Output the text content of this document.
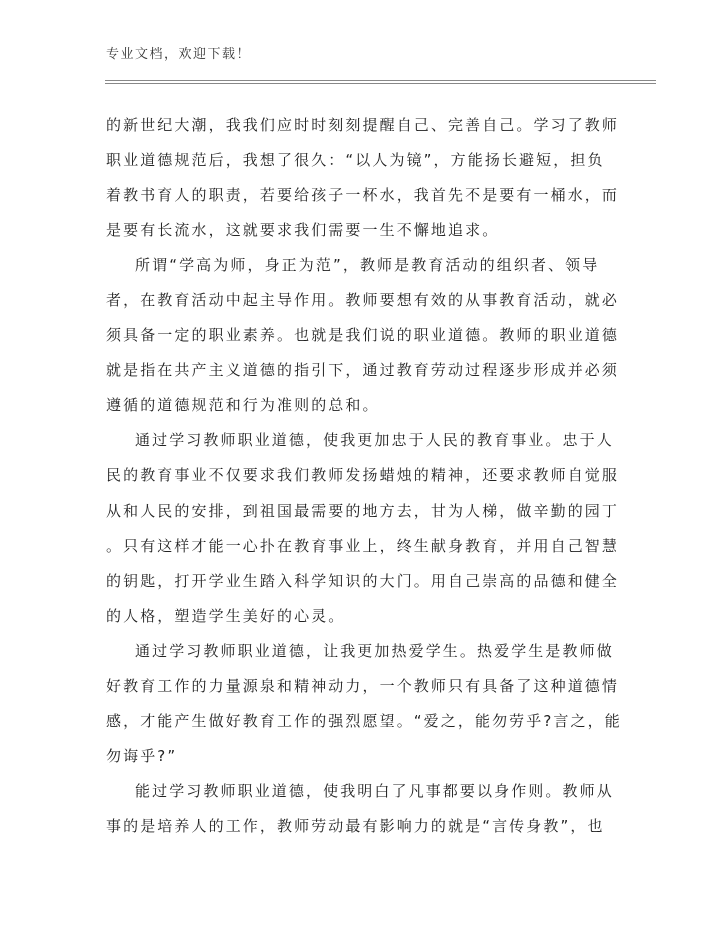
专业文档，欢迎下载！
的新世纪大潮，我我们应时时刻刻提醒自己、完善自己。学习了教师
职业道德规范后，我想了很久：“以人为镜”，方能扬长避短，担负
着教书育人的职责，若要给孩子一杯水，我首先不是要有一桶水，而
是要有长流水，这就要求我们需要一生不懈地追求。
所谓“学高为师，身正为范”，教师是教育活动的组织者、领导
者，在教育活动中起主导作用。教师要想有效的从事教育活动，就必
须具备一定的职业素养。也就是我们说的职业道德。教师的职业道德
就是指在共产主义道德的指引下，通过教育劳动过程逐步形成并必须
遵循的道德规范和行为准则的总和。
通过学习教师职业道德，使我更加忠于人民的教育事业。忠于人
民的教育事业不仅要求我们教师发扬蜡烛的精神，还要求教师自觉服
从和人民的安排，到祖国最需要的地方去，甘为人梯，做辛勤的园丁
。只有这样才能一心扑在教育事业上，终生献身教育，并用自己智慧
的钥匙，打开学业生踏入科学知识的大门。用自己崇高的品德和健全
的人格，塑造学生美好的心灵。
通过学习教师职业道德，让我更加热爱学生。热爱学生是教师做
好教育工作的力量源泉和精神动力，一个教师只有具备了这种道德情
感，才能产生做好教育工作的强烈愿望。“爱之，能勿劳乎?言之，能
勿诲乎?”
能过学习教师职业道德，使我明白了凡事都要以身作则。教师从
事的是培养人的工作，教师劳动最有影响力的就是“言传身教”，也
